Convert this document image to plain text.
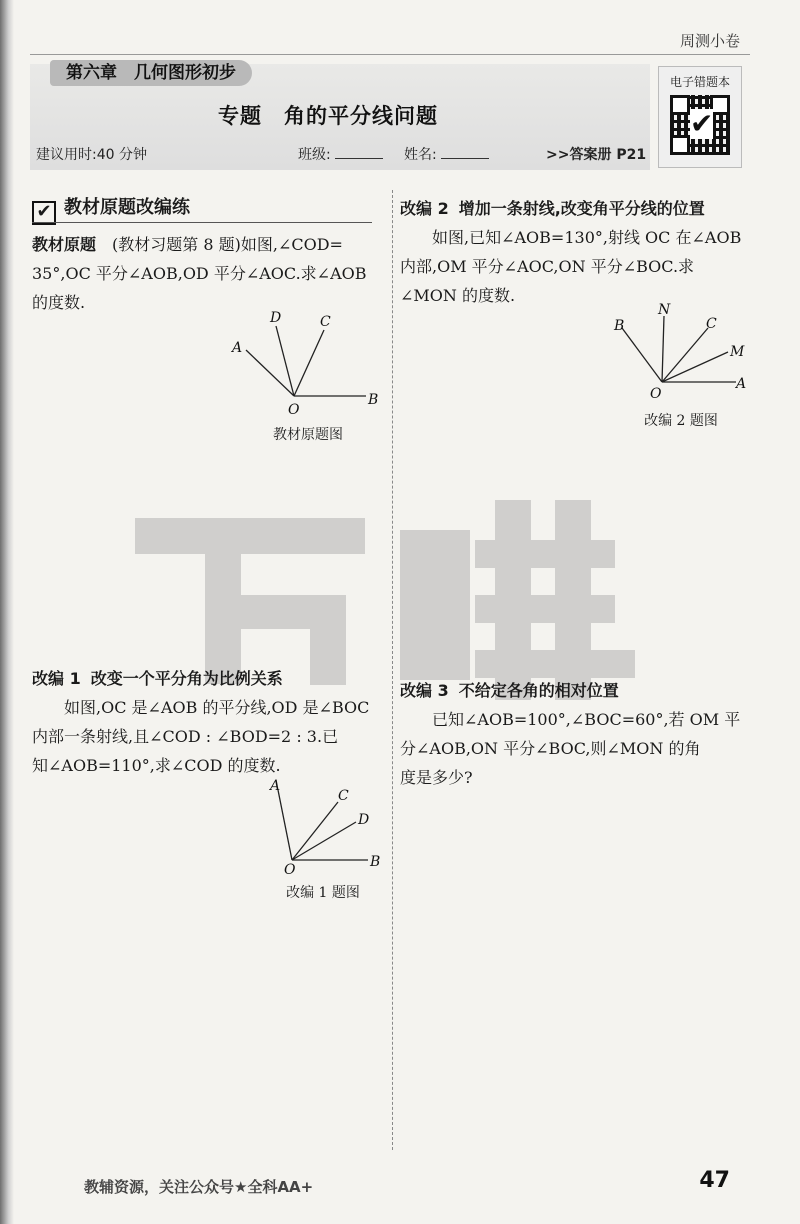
周测小卷
第六章　几何图形初步
专题　角的平分线问题
建议用时:40 分钟	班级:	姓名:	>>答案册 P21
电子错题本
✔
✔ 教材原题改编练

教材原题　 (教材习题第 8 题)如图,∠COD=

35°,OC 平分∠AOB,OD 平分∠AOC.求∠AOB

的度数.

A
D	C
O
B
教材原题图

改编 2 增加一条射线,改变角平分线的位置

如图,已知∠AOB=130°,射线 OC 在∠AOB

内部,OM 平分∠AOC,ON 平分∠BOC.求

∠MON 的度数.

B
N
C
M
O
A
改编 2 题图

改编 1 改变一个平分角为比例关系

如图,OC 是∠AOB 的平分线,OD 是∠BOC

内部一条射线,且∠COD : ∠BOD=2 : 3.已

知∠AOB=110°,求∠COD 的度数.

A
C
D
O	B
改编 1 题图

改编 3 不给定各角的相对位置

已知∠AOB=100°,∠BOC=60°,若 OM 平

分∠AOB,ON 平分∠BOC,则∠MON 的角

度是多少?

教辅资源，关注公众号★全科AA+	47
